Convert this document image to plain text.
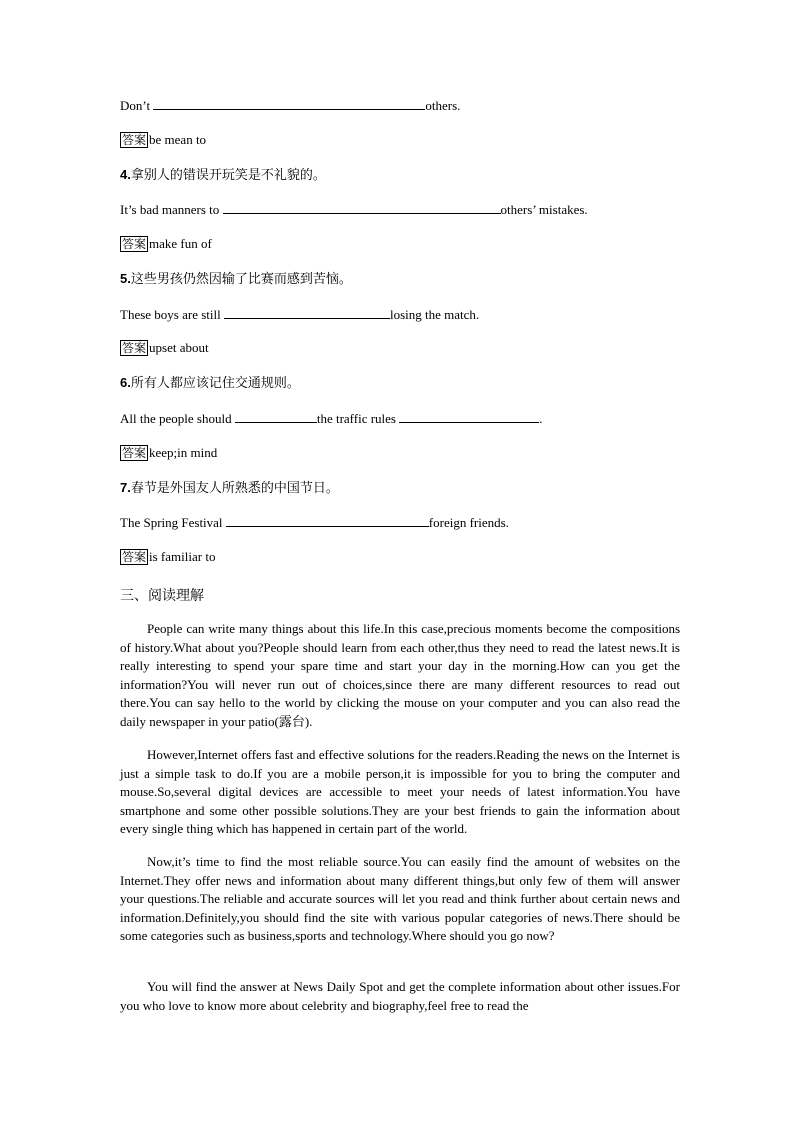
Don’t	others.
答案 be mean to
4.拿别人的错误开玩笑是不礼貌的。
It’s bad manners to	others’ mistakes.
答案 make fun of
5.这些男孩仍然因输了比赛而感到苦恼。
These boys are still	losing the match.
答案 upset about
6.所有人都应该记住交通规则。
All the people should	the traffic rules	.
答案 keep;in mind
7.春节是外国友人所熟悉的中国节日。
The Spring Festival	foreign friends.
答案 is familiar to
三、阅读理解
People can write many things about this life.In this case,precious moments become the compositions of history.What about you?People should learn from each other,thus they need to read the latest news.It is really interesting to spend your spare time and start your day in the morning.How can you get the information?You will never run out of choices,since there are many different resources to read out there.You can say hello to the world by clicking the mouse on your computer and you can also read the daily newspaper in your patio(露台).
However,Internet offers fast and effective solutions for the readers.Reading the news on the Internet is just a simple task to do.If you are a mobile person,it is impossible for you to bring the computer and mouse.So,several digital devices are accessible to meet your needs of latest information.You have smartphone and some other possible solutions.They are your best friends to gain the information about every single thing which has happened in certain part of the world.
Now,it’s time to find the most reliable source.You can easily find the amount of websites on the Internet.They offer news and information about many different things,but only few of them will answer your questions.The reliable and accurate sources will let you read and think further about certain news and information.Definitely,you should find the site with various popular categories of news.There should be some categories such as business,sports and technology.Where should you go now?
You will find the answer at News Daily Spot and get the complete information about other issues.For you who love to know more about celebrity and biography,feel free to read the
